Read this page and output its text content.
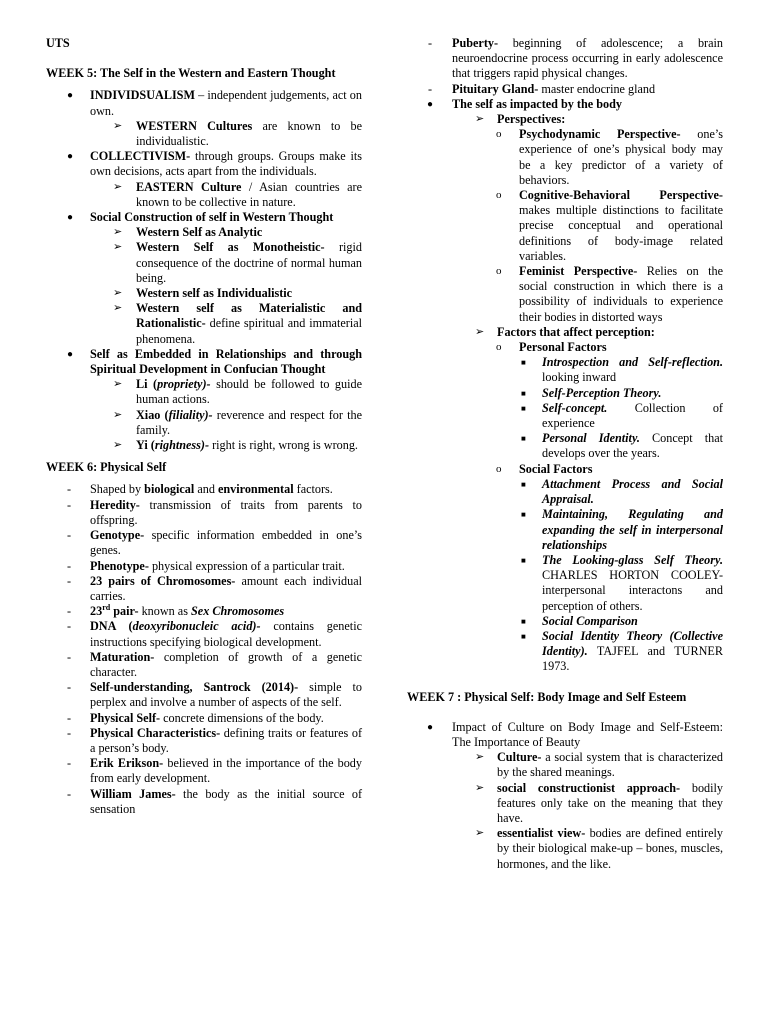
UTS

WEEK 5: The Self in the Western and Eastern Thought

● INDIVIDSUALISM – independent judgements, act on own.
➢ WESTERN Cultures are known to be individualistic.
● COLLECTIVISM- through groups. Groups make its own decisions, acts apart from the individuals.
➢ EASTERN Culture / Asian countries are known to be collective in nature.
● Social Construction of self in Western Thought
➢ Western Self as Analytic
➢ Western Self as Monotheistic- rigid consequence of the doctrine of normal human being.
➢ Western self as Individualistic
➢ Western self as Materialistic and Rationalistic- define spiritual and immaterial phenomena.
● Self as Embedded in Relationships and through Spiritual Development in Confucian Thought
➢ Li (propriety)- should be followed to guide human actions.
➢ Xiao (filiality)- reverence and respect for the family.
➢ Yi (rightness)- right is right, wrong is wrong.

WEEK 6: Physical Self

- Shaped by biological and environmental factors.
- Heredity- transmission of traits from parents to offspring.
- Genotype- specific information embedded in one’s genes.
- Phenotype- physical expression of a particular trait.
- 23 pairs of Chromosomes- amount each individual carries.
- 23rd pair- known as Sex Chromosomes
- DNA (deoxyribonucleic acid)- contains genetic instructions specifying biological development.
- Maturation- completion of growth of a genetic character.
- Self-understanding, Santrock (2014)- simple to perplex and involve a number of aspects of the self.
- Physical Self- concrete dimensions of the body.
- Physical Characteristics- defining traits or features of a person’s body.
- Erik Erikson- believed in the importance of the body from early development.
- William James- the body as the initial source of sensation
- Puberty- beginning of adolescence; a brain neuroendocrine process occurring in early adolescence that triggers rapid physical changes.
- Pituitary Gland- master endocrine gland
● The self as impacted by the body
➢ Perspectives:
o Psychodynamic Perspective- one’s experience of one’s physical body may be a key predictor of a variety of behaviors.
o Cognitive-Behavioral Perspective- makes multiple distinctions to facilitate precise conceptual and operational definitions of body-image related variables.
o Feminist Perspective- Relies on the social construction in which there is a possibility of individuals to experience their bodies in distorted ways
➢ Factors that affect perception:
o Personal Factors
■ Introspection and Self-reflection. looking inward
■ Self-Perception Theory.
■ Self-concept. Collection of experience
■ Personal Identity. Concept that develops over the years.
o Social Factors
■ Attachment Process and Social Appraisal.
■ Maintaining, Regulating and expanding the self in interpersonal relationships
■ The Looking-glass Self Theory. CHARLES HORTON COOLEY- interpersonal interactons and perception of others.
■ Social Comparison
■ Social Identity Theory (Collective Identity). TAJFEL and TURNER 1973.

WEEK 7 : Physical Self: Body Image and Self Esteem

● Impact of Culture on Body Image and Self-Esteem: The Importance of Beauty
➢ Culture- a social system that is characterized by the shared meanings.
➢ social constructionist approach- bodily features only take on the meaning that they have.
➢ essentialist view- bodies are defined entirely by their biological make-up – bones, muscles, hormones, and the like.
